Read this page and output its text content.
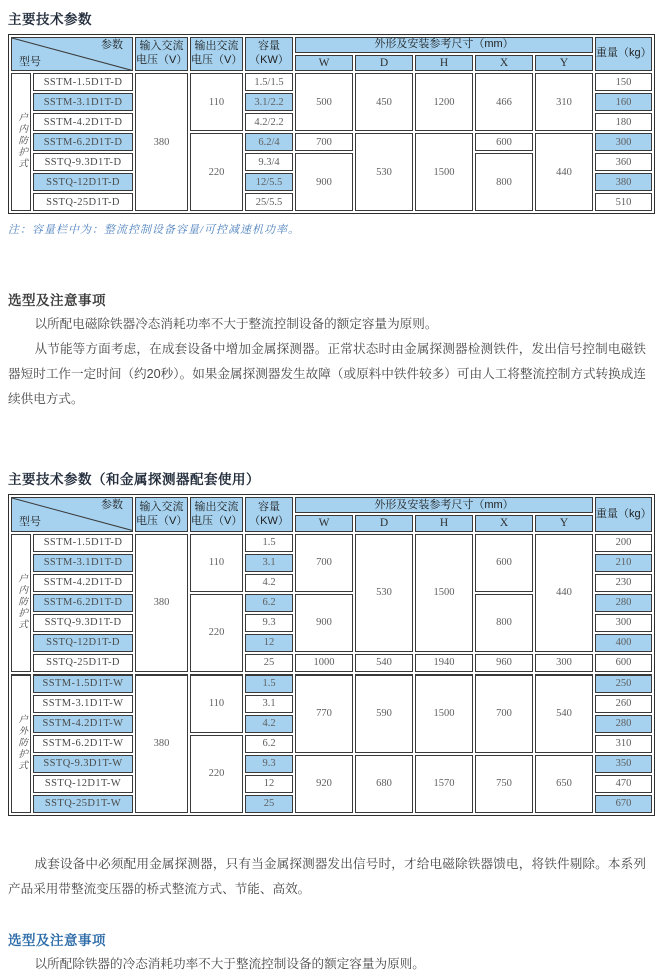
主要技术参数
参数
型号		输入交流电压（V）	输出交流电压（V）	容量（KW）	外形及安装参考尺寸（mm）					重量（kg）
					W	D	H	X	Y	
户内防护式	SSTM-1.5D1T-D	380	110	1.5/1.5	500	450	1200	466	310	150
	SSTM-3.1D1T-D			3.1/2.2						160
	SSTM-4.2D1T-D			4.2/2.2						180
	SSTM-6.2D1T-D		220	6.2/4	700	530	1500	600	440	300
	SSTQ-9.3D1T-D			9.3/4	900			800		360
	SSTQ-12D1T-D			12/5.5						380
	SSTQ-25D1T-D			25/5.5						510

注：容量栏中为：整流控制设备容量/可控减速机功率。

选型及注意事项

以所配电磁除铁器冷态消耗功率不大于整流控制设备的额定容量为原则。

从节能等方面考虑，在成套设备中增加金属探测器。正常状态时由金属探测器检测铁件，发出信号控制电磁铁器短时工作一定时间（约20秒）。如果金属探测器发生故障（或原料中铁件较多）可由人工将整流控制方式转换成连续供电方式。

主要技术参数（和金属探测器配套使用）
参数
型号		输入交流电压（V）	输出交流电压（V）	容量（KW）	外形及安装参考尺寸（mm）					重量（kg）
					W	D	H	X	Y	
户内防护式	SSTM-1.5D1T-D	380	110	1.5	700	530	1500	600	440	200
	SSTM-3.1D1T-D			3.1						210
	SSTM-4.2D1T-D			4.2						230
	SSTM-6.2D1T-D		220	6.2	900			800		280
	SSTQ-9.3D1T-D			9.3						300
	SSTQ-12D1T-D			12						400
	SSTQ-25D1T-D			25	1000	540	1940	960	300	600
户外防护式	SSTM-1.5D1T-W	380	110	1.5	770	590	1500	700	540	250
	SSTM-3.1D1T-W			3.1						260
	SSTM-4.2D1T-W			4.2						280
	SSTM-6.2D1T-W		220	6.2						310
	SSTQ-9.3D1T-W			9.3	920	680	1570	750	650	350
	SSTQ-12D1T-W			12						470
	SSTQ-25D1T-W			25						670

成套设备中必须配用金属探测器，只有当金属探测器发出信号时，才给电磁除铁器馈电，将铁件剔除。本系列产品采用带整流变压器的桥式整流方式、节能、高效。

选型及注意事项

以所配除铁器的冷态消耗功率不大于整流控制设备的额定容量为原则。
